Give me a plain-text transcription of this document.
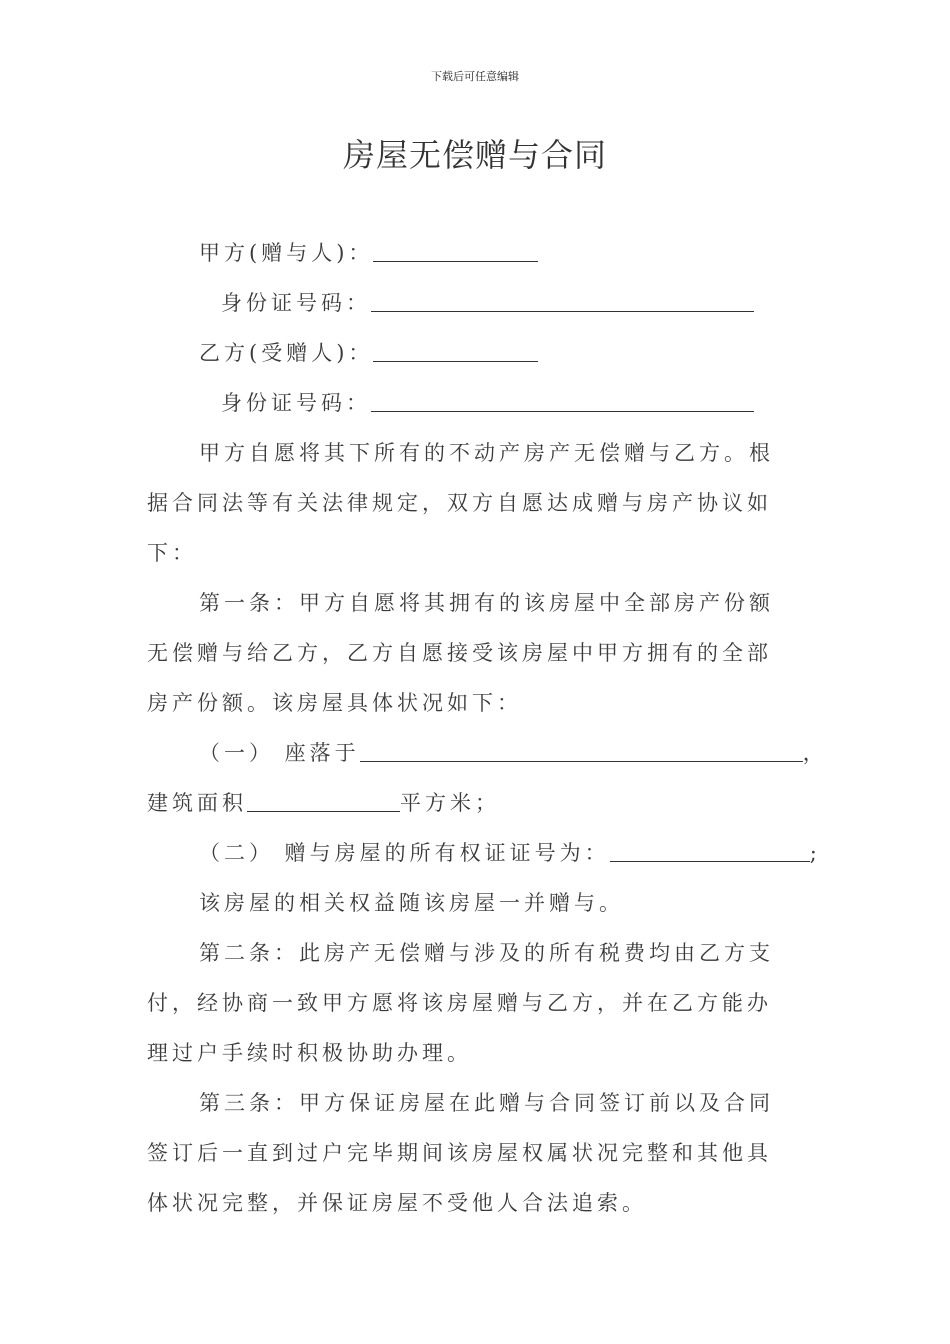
下载后可任意编辑
房屋无偿赠与合同
甲方(赠与人)：
身份证号码：
乙方(受赠人)：
身份证号码：
甲方自愿将其下所有的不动产房产无偿赠与乙方。根
据合同法等有关法律规定，双方自愿达成赠与房产协议如
下：
第一条：甲方自愿将其拥有的该房屋中全部房产份额
无偿赠与给乙方，乙方自愿接受该房屋中甲方拥有的全部
房产份额。该房屋具体状况如下：
（一） 座落于	，
建筑面积	平方米；
（二） 赠与房屋的所有权证证号为：	;
该房屋的相关权益随该房屋一并赠与。
第二条：此房产无偿赠与涉及的所有税费均由乙方支
付，经协商一致甲方愿将该房屋赠与乙方，并在乙方能办
理过户手续时积极协助办理。
第三条：甲方保证房屋在此赠与合同签订前以及合同
签订后一直到过户完毕期间该房屋权属状况完整和其他具
体状况完整，并保证房屋不受他人合法追索。
